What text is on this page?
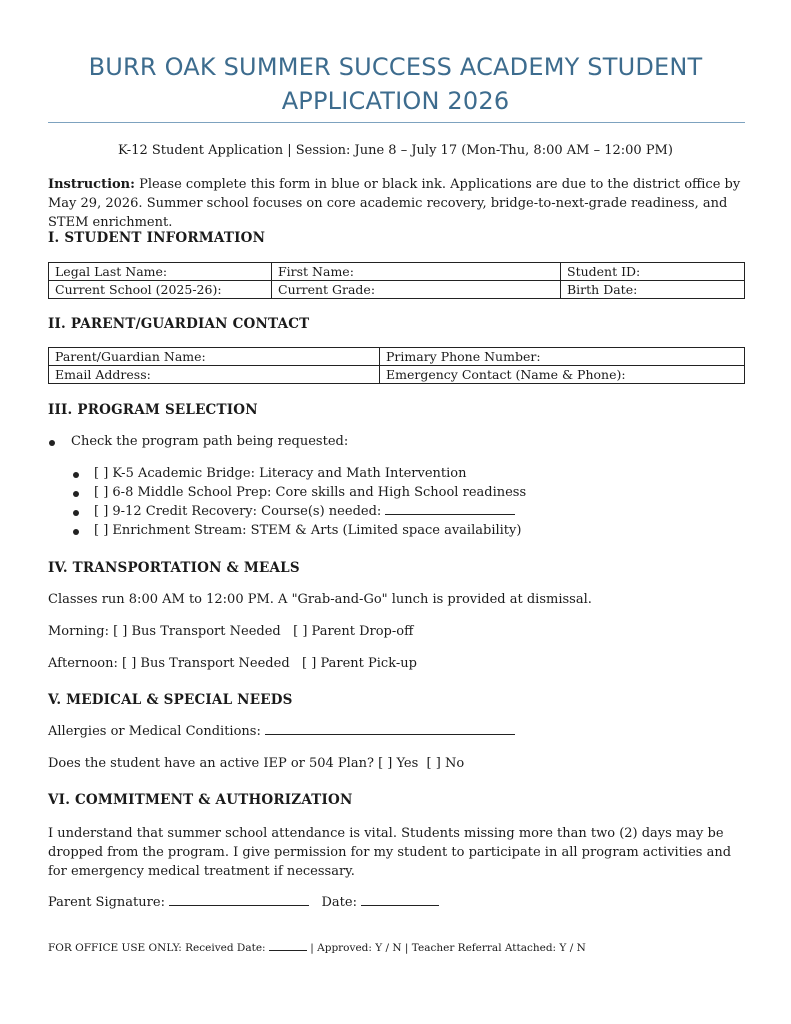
BURR OAK SUMMER SUCCESS ACADEMY STUDENT
APPLICATION 2026
K-12 Student Application | Session: June 8 – July 17 (Mon-Thu, 8:00 AM – 12:00 PM)
Instruction: Please complete this form in blue or black ink. Applications are due to the district office by May 29, 2026. Summer school focuses on core academic recovery, bridge-to-next-grade readiness, and STEM enrichment.
I. STUDENT INFORMATION
Legal Last Name:	First Name:	Student ID:
Current School (2025-26):	Current Grade:	Birth Date:
II. PARENT/GUARDIAN CONTACT
Parent/Guardian Name:	Primary Phone Number:
Email Address:	Emergency Contact (Name & Phone):
III. PROGRAM SELECTION
Check the program path being requested:
[ ] K-5 Academic Bridge: Literacy and Math Intervention
[ ] 6-8 Middle School Prep: Core skills and High School readiness
[ ] 9-12 Credit Recovery: Course(s) needed:
[ ] Enrichment Stream: STEM & Arts (Limited space availability)
IV. TRANSPORTATION & MEALS
Classes run 8:00 AM to 12:00 PM. A "Grab-and-Go" lunch is provided at dismissal.
Morning: [ ] Bus Transport Needed   [ ] Parent Drop-off
Afternoon: [ ] Bus Transport Needed   [ ] Parent Pick-up
V. MEDICAL & SPECIAL NEEDS
Allergies or Medical Conditions:
Does the student have an active IEP or 504 Plan? [ ] Yes  [ ] No
VI. COMMITMENT & AUTHORIZATION
I understand that summer school attendance is vital. Students missing more than two (2) days may be dropped from the program. I give permission for my student to participate in all program activities and for emergency medical treatment if necessary.
Parent Signature:	Date:
FOR OFFICE USE ONLY: Received Date:	| Approved: Y / N | Teacher Referral Attached: Y / N
